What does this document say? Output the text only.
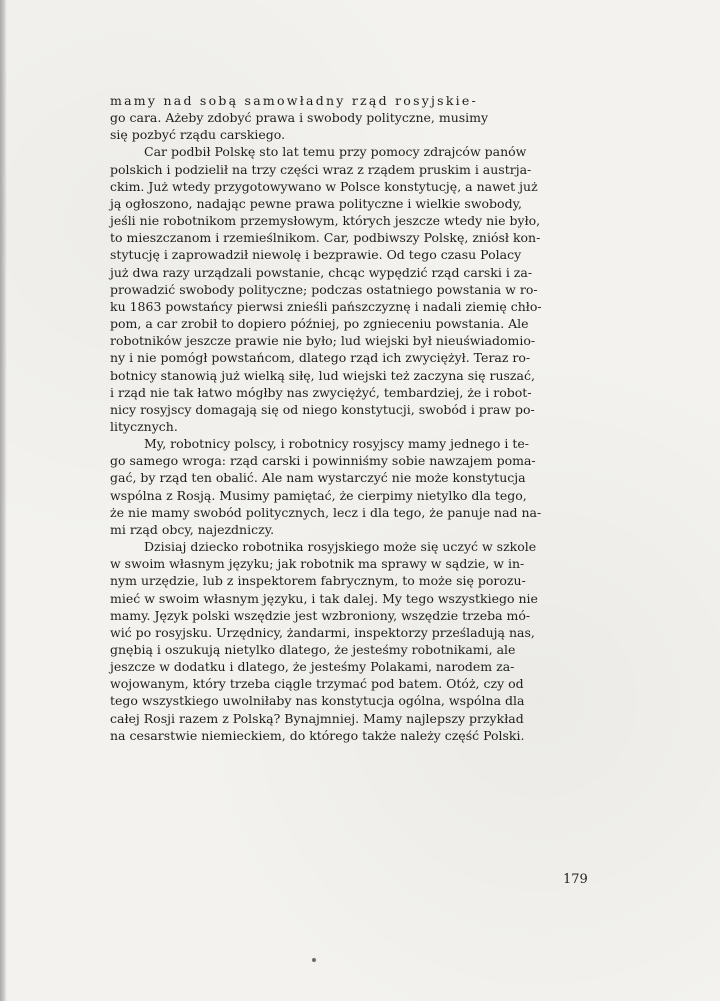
mamy nad sobą samowładny rząd rosyjskie-
go cara. Ażeby zdobyć prawa i swobody polityczne, musimy
się pozbyć rządu carskiego.

Car podbił Polskę sto lat temu przy pomocy zdrajców panów
polskich i podzielił na trzy części wraz z rządem pruskim i austrja-
ckim. Już wtedy przygotowywano w Polsce konstytucję, a nawet już
ją ogłoszono, nadając pewne prawa polityczne i wielkie swobody,
jeśli nie robotnikom przemysłowym, których jeszcze wtedy nie było,
to mieszczanom i rzemieślnikom. Car, podbiwszy Polskę, zniósł kon-
stytucję i zaprowadził niewolę i bezprawie. Od tego czasu Polacy
już dwa razy urządzali powstanie, chcąc wypędzić rząd carski i za-
prowadzić swobody polityczne; podczas ostatniego powstania w ro-
ku 1863 powstańcy pierwsi znieśli pańszczyznę i nadali ziemię chło-
pom, a car zrobił to dopiero później, po zgnieceniu powstania. Ale
robotników jeszcze prawie nie było; lud wiejski był nieuświadomio-
ny i nie pomógł powstańcom, dlatego rząd ich zwyciężył. Teraz ro-
botnicy stanowią już wielką siłę, lud wiejski też zaczyna się ruszać,
i rząd nie tak łatwo mógłby nas zwyciężyć, tembardziej, że i robot-
nicy rosyjscy domagają się od niego konstytucji, swobód i praw po-
litycznych.

My, robotnicy polscy, i robotnicy rosyjscy mamy jednego i te-
go samego wroga: rząd carski i powinniśmy sobie nawzajem poma-
gać, by rząd ten obalić. Ale nam wystarczyć nie może konstytucja
wspólna z Rosją. Musimy pamiętać, że cierpimy nietylko dla tego,
że nie mamy swobód politycznych, lecz i dla tego, że panuje nad na-
mi rząd obcy, najezdniczy.

Dzisiaj dziecko robotnika rosyjskiego może się uczyć w szkole
w swoim własnym języku; jak robotnik ma sprawy w sądzie, w in-
nym urzędzie, lub z inspektorem fabrycznym, to może się porozu-
mieć w swoim własnym języku, i tak dalej. My tego wszystkiego nie
mamy. Język polski wszędzie jest wzbroniony, wszędzie trzeba mó-
wić po rosyjsku. Urzędnicy, żandarmi, inspektorzy prześladują nas,
gnębią i oszukują nietylko dlatego, że jesteśmy robotnikami, ale
jeszcze w dodatku i dlatego, że jesteśmy Polakami, narodem za-
wojowanym, który trzeba ciągle trzymać pod batem. Otóż, czy od
tego wszystkiego uwolniłaby nas konstytucja ogólna, wspólna dla
całej Rosji razem z Polską? Bynajmniej. Mamy najlepszy przykład
na cesarstwie niemieckiem, do którego także należy część Polski.

179
